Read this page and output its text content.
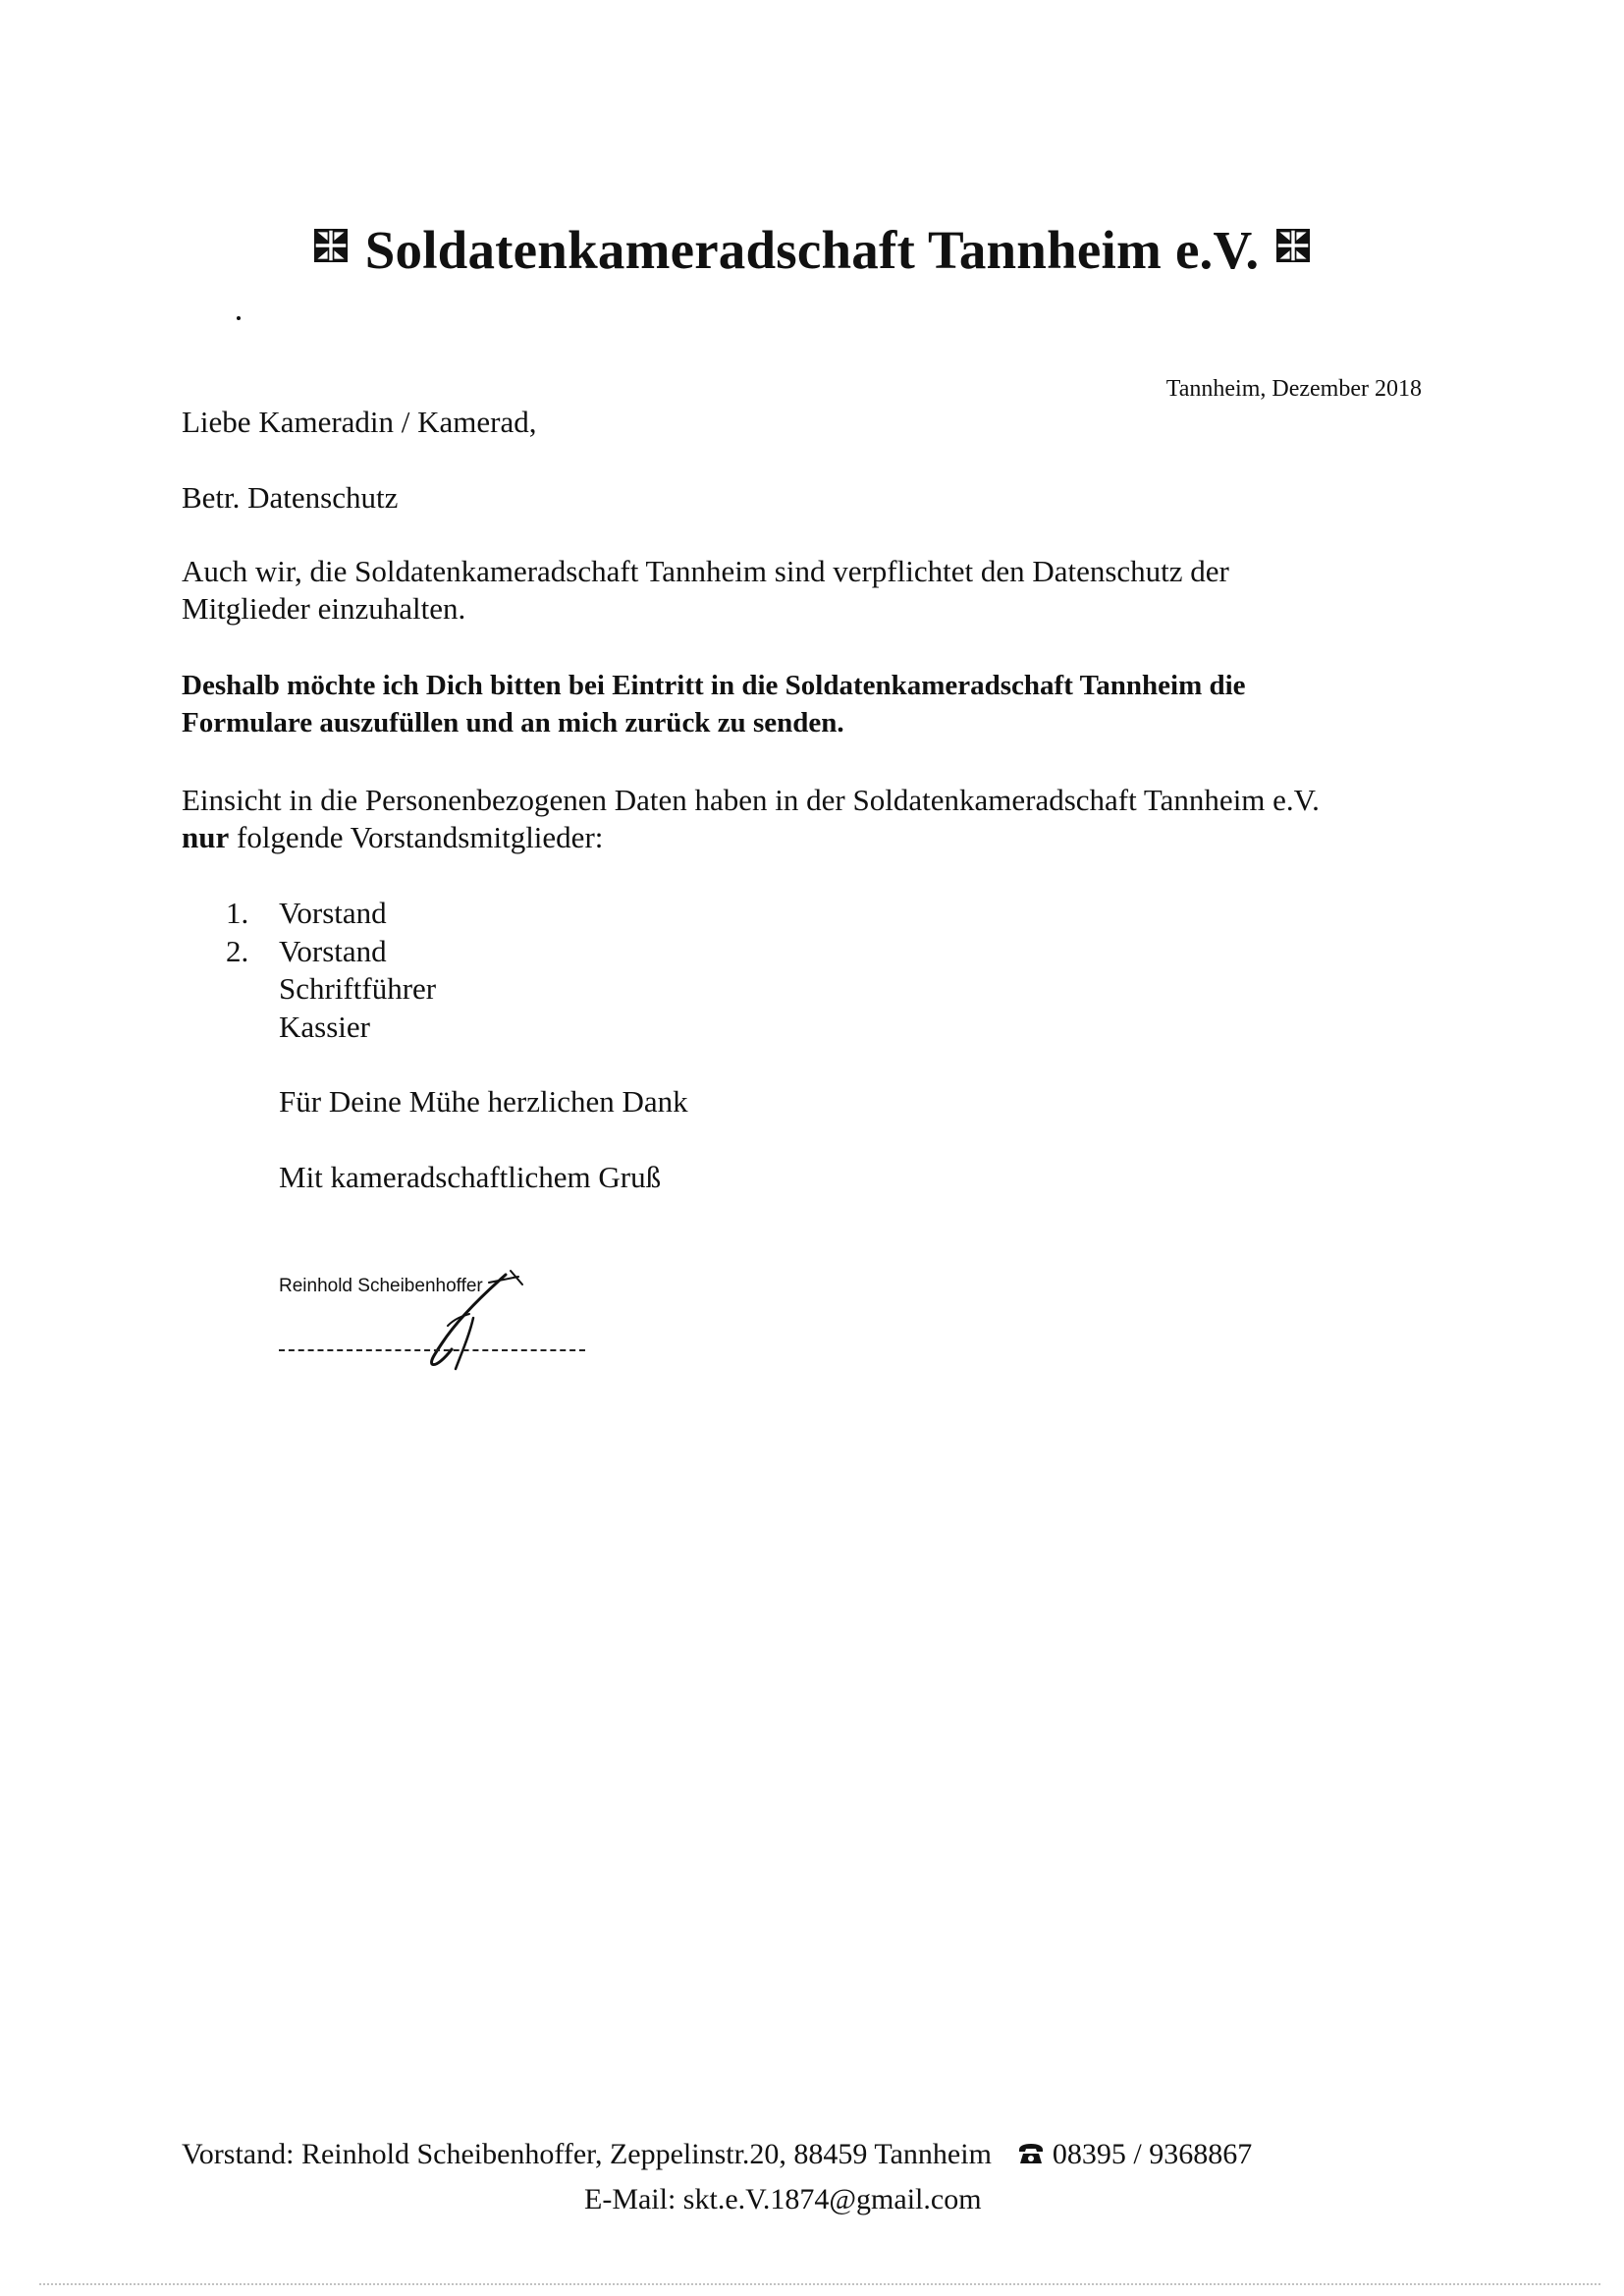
Soldatenkameradschaft Tannheim e.V.
Tannheim, Dezember 2018
Liebe Kameradin / Kamerad,
Betr. Datenschutz
Auch wir, die Soldatenkameradschaft Tannheim sind verpflichtet den Datenschutz der
Mitglieder einzuhalten.
Deshalb möchte ich Dich bitten bei Eintritt in die Soldatenkameradschaft Tannheim die
Formulare auszufüllen und an mich zurück zu senden.
Einsicht in die Personenbezogenen Daten haben in der Soldatenkameradschaft Tannheim e.V.
nur folgende Vorstandsmitglieder:
1. Vorstand
2. Vorstand
Schriftführer
Kassier
Für Deine Mühe herzlichen Dank
Mit kameradschaftlichem Gruß
Reinhold Scheibenhoffer
Vorstand: Reinhold Scheibenhoffer, Zeppelinstr.20, 88459 Tannheim 08395 / 9368867
E-Mail: skt.e.V.1874@gmail.com
